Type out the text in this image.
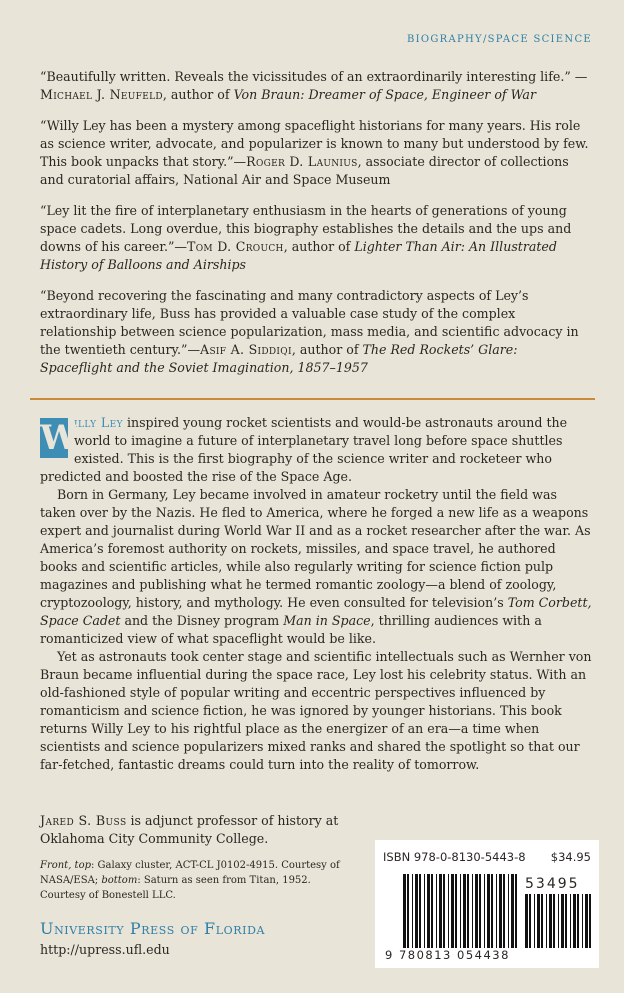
BIOGRAPHY/SPACE SCIENCE

“Beautifully written. Reveals the vicissitudes of an extraordinarily interesting life.” —Michael J. Neufeld, author of Von Braun: Dreamer of Space, Engineer of War

“Willy Ley has been a mystery among spaceflight historians for many years. His role as science writer, advocate, and popularizer is known to many but understood by few. This book unpacks that story.”—Roger D. Launius, associate director of collections and curatorial affairs, National Air and Space Museum

“Ley lit the fire of interplanetary enthusiasm in the hearts of generations of young space cadets. Long overdue, this biography establishes the details and the ups and downs of his career.”—Tom D. Crouch, author of Lighter Than Air: An Illustrated History of Balloons and Airships

“Beyond recovering the fascinating and many contradictory aspects of Ley’s extraordinary life, Buss has provided a valuable case study of the complex relationship between science popularization, mass media, and scientific advocacy in the twentieth century.”—Asif A. Siddiqi, author of The Red Rockets’ Glare: Spaceflight and the Soviet Imagination, 1857–1957

W
illy Ley inspired young rocket scientists and would-be astronauts around the world to imagine a future of interplanetary travel long before space shuttles existed. This is the first biography of the science writer and rocketeer who predicted and boosted the rise of the Space Age.

Born in Germany, Ley became involved in amateur rocketry until the field was taken over by the Nazis. He fled to America, where he forged a new life as a weapons expert and journalist during World War II and as a rocket researcher after the war. As America’s foremost authority on rockets, missiles, and space travel, he authored books and scientific articles, while also regularly writing for science fiction pulp magazines and publishing what he termed romantic zoology—a blend of zoology, cryptozoology, history, and mythology. He even consulted for television’s Tom Corbett, Space Cadet and the Disney program Man in Space, thrilling audiences with a romanticized view of what spaceflight would be like.

Yet as astronauts took center stage and scientific intellectuals such as Wernher von Braun became influential during the space race, Ley lost his celebrity status. With an old-fashioned style of popular writing and eccentric perspectives influenced by romanticism and science fiction, he was ignored by younger historians. This book returns Willy Ley to his rightful place as the energizer of an era—a time when scientists and science popularizers mixed ranks and shared the spotlight so that our far-fetched, fantastic dreams could turn into the reality of tomorrow.

Jared S. Buss is adjunct professor of history at Oklahoma City Community College.
Front, top: Galaxy cluster, ACT-CL J0102-4915. Courtesy of NASA/ESA; bottom: Saturn as seen from Titan, 1952. Courtesy of Bonestell LLC.
University Press of Florida
http://upress.ufl.edu
ISBN 978-0-8130-5443-8 $34.95
53495
9 780813 054438
